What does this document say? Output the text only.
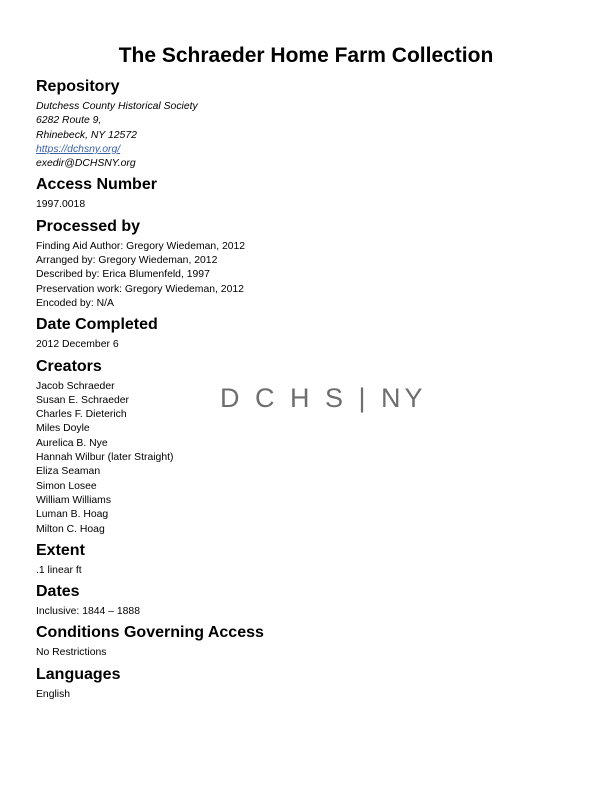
The Schraeder Home Farm Collection
Repository
Dutchess County Historical Society
6282 Route 9,
Rhinebeck, NY 12572
https://dchsny.org/
exedir@DCHSNY.org
Access Number
1997.0018
Processed by
Finding Aid Author: Gregory Wiedeman, 2012
Arranged by: Gregory Wiedeman, 2012
Described by: Erica Blumenfeld, 1997
Preservation work: Gregory Wiedeman, 2012
Encoded by: N/A
Date Completed
2012 December 6
Creators
Jacob Schraeder
Susan E. Schraeder
Charles F. Dieterich
Miles Doyle
Aurelica B. Nye
Hannah Wilbur (later Straight)
Eliza Seaman
Simon Losee
William Williams
Luman B. Hoag
Milton C. Hoag
Extent
.1 linear ft
Dates
Inclusive: 1844 – 1888
Conditions Governing Access
No Restrictions
Languages
English
D C H S | NY
